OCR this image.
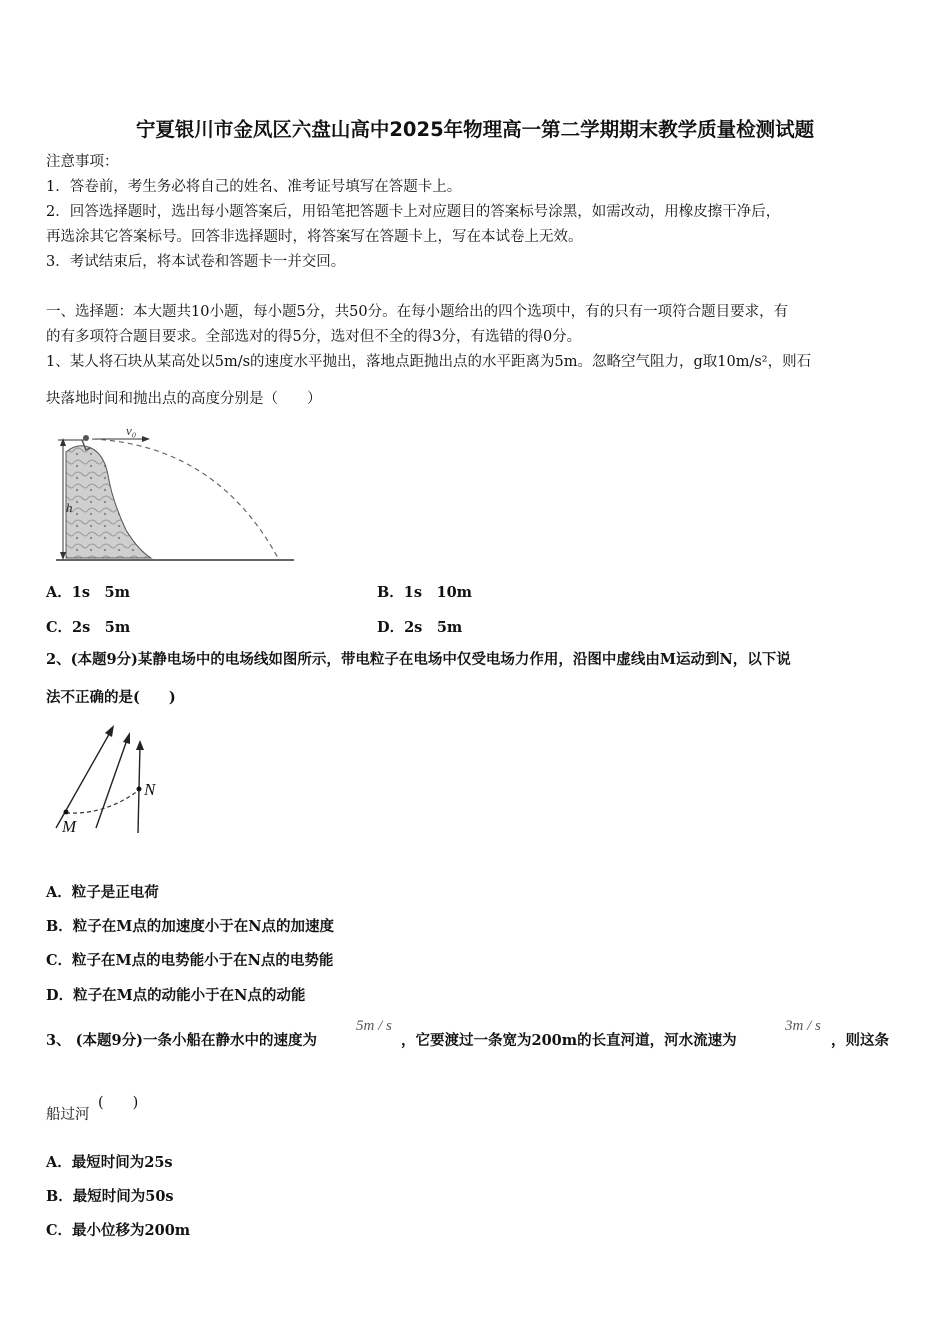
宁夏银川市金凤区六盘山高中2025年物理高一第二学期期末教学质量检测试题
注意事项：
1．答卷前，考生务必将自己的姓名、准考证号填写在答题卡上。
2．回答选择题时，选出每小题答案后，用铅笔把答题卡上对应题目的答案标号涂黑，如需改动，用橡皮擦干净后，
再选涂其它答案标号。回答非选择题时，将答案写在答题卡上，写在本试卷上无效。
3．考试结束后，将本试卷和答题卡一并交回。
一、选择题：本大题共10小题，每小题5分，共50分。在每小题给出的四个选项中，有的只有一项符合题目要求，有
的有多项符合题目要求。全部选对的得5分，选对但不全的得3分，有选错的得0分。
1、某人将石块从某高处以5m/s的速度水平抛出，落地点距抛出点的水平距离为5m。忽略空气阻力，g取10m/s²，则石
块落地时间和抛出点的高度分别是（　　）
v₀
h
A．1s　5m	B．1s　10m
C．2s　5m	D．2s　5m
2、(本题9分)某静电场中的电场线如图所示，带电粒子在电场中仅受电场力作用，沿图中虚线由M运动到N，以下说
法不正确的是(　　)
M
N
A．粒子是正电荷
B．粒子在M点的加速度小于在N点的加速度
C．粒子在M点的电势能小于在N点的电势能
D．粒子在M点的动能小于在N点的动能
3、 (本题9分)一条小船在静水中的速度为
5m / s
，它要渡过一条宽为200m的长直河道，河水流速为
3m / s
，则这条
船过河
(　　)
A．最短时间为25s
B．最短时间为50s
C．最小位移为200m
